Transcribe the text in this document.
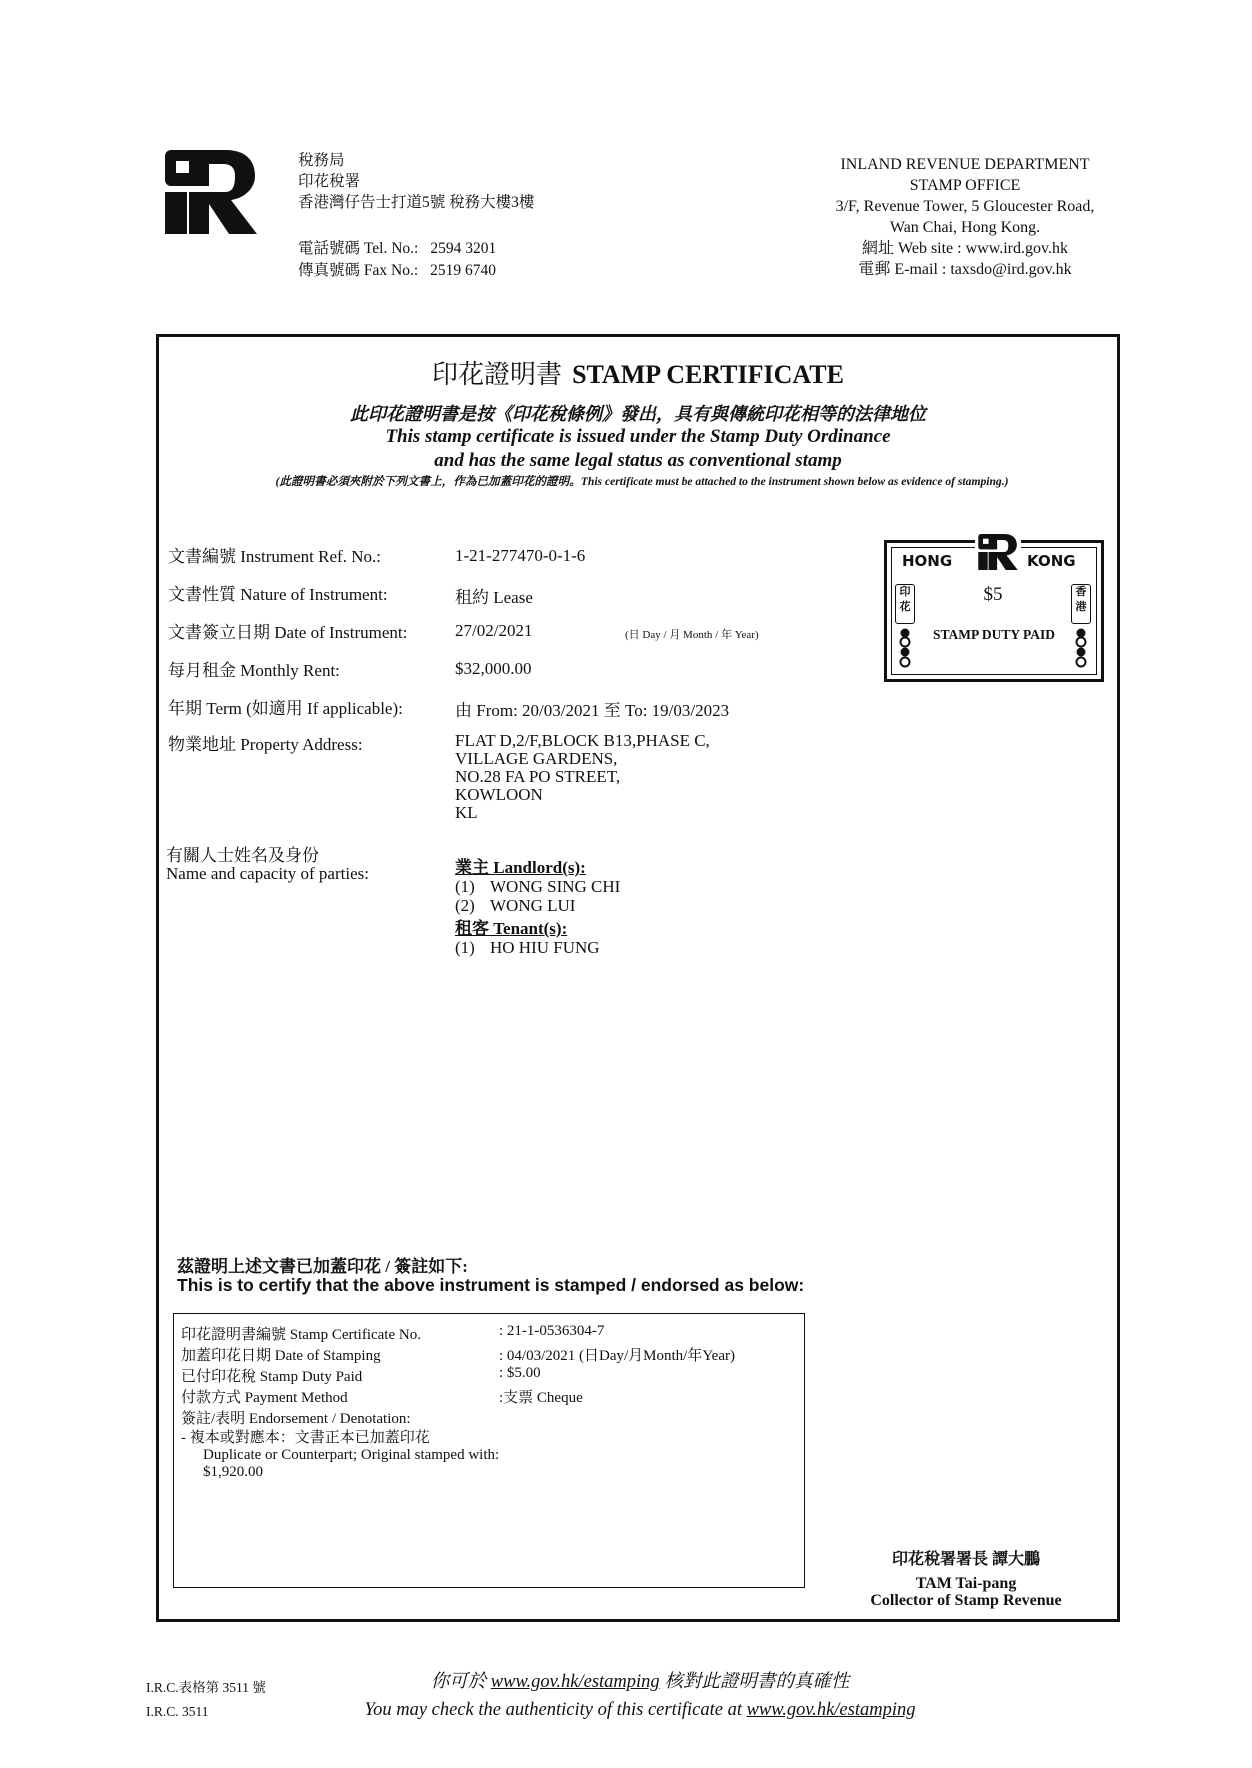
稅務局
印花稅署
香港灣仔告士打道5號 稅務大樓3樓
電話號碼 Tel. No.: 2594 3201
傳真號碼 Fax No.: 2519 6740
INLAND REVENUE DEPARTMENT
STAMP OFFICE
3/F, Revenue Tower, 5 Gloucester Road,
Wan Chai, Hong Kong.
網址 Web site : www.ird.gov.hk
電郵 E-mail : taxsdo@ird.gov.hk
印花證明書 STAMP CERTIFICATE
此印花證明書是按《印花稅條例》發出，具有與傳統印花相等的法律地位
This stamp certificate is issued under the Stamp Duty Ordinance
and has the same legal status as conventional stamp
(此證明書必須夾附於下列文書上，作為已加蓋印花的證明。This certificate must be attached to the instrument shown below as evidence of stamping.)
文書編號 Instrument Ref. No.:	1-21-277470-0-1-6
文書性質 Nature of Instrument:	租約 Lease
文書簽立日期 Date of Instrument:	27/02/2021	(日 Day / 月 Month / 年 Year)
每月租金 Monthly Rent:	$32,000.00
年期 Term (如適用 If applicable):	由 From: 20/03/2021 至 To: 19/03/2023
物業地址 Property Address:	FLAT D,2/F,BLOCK B13,PHASE C,
VILLAGE GARDENS,
NO.28 FA PO STREET,
KOWLOON
KL
有關人士姓名及身份
Name and capacity of parties:	業主 Landlord(s):
(1) WONG SING CHI
(2) WONG LUI
租客 Tenant(s):
(1) HO HIU FUNG
HONG	KONG
$5
STAMP DUTY PAID
印花
香港
茲證明上述文書已加蓋印花 / 簽註如下:
This is to certify that the above instrument is stamped / endorsed as below:
印花證明書編號 Stamp Certificate No.	: 21-1-0536304-7
加蓋印花日期 Date of Stamping	: 04/03/2021 (日Day/月Month/年Year)
已付印花稅 Stamp Duty Paid	: $5.00
付款方式 Payment Method	:支票 Cheque
簽註/表明 Endorsement / Denotation:
- 複本或對應本：文書正本已加蓋印花
Duplicate or Counterpart; Original stamped with:
$1,920.00
印花稅署署長 譚大鵬
TAM Tai-pang
Collector of Stamp Revenue
I.R.C.表格第 3511 號
I.R.C. 3511
你可於 www.gov.hk/estamping 核對此證明書的真確性
You may check the authenticity of this certificate at www.gov.hk/estamping
